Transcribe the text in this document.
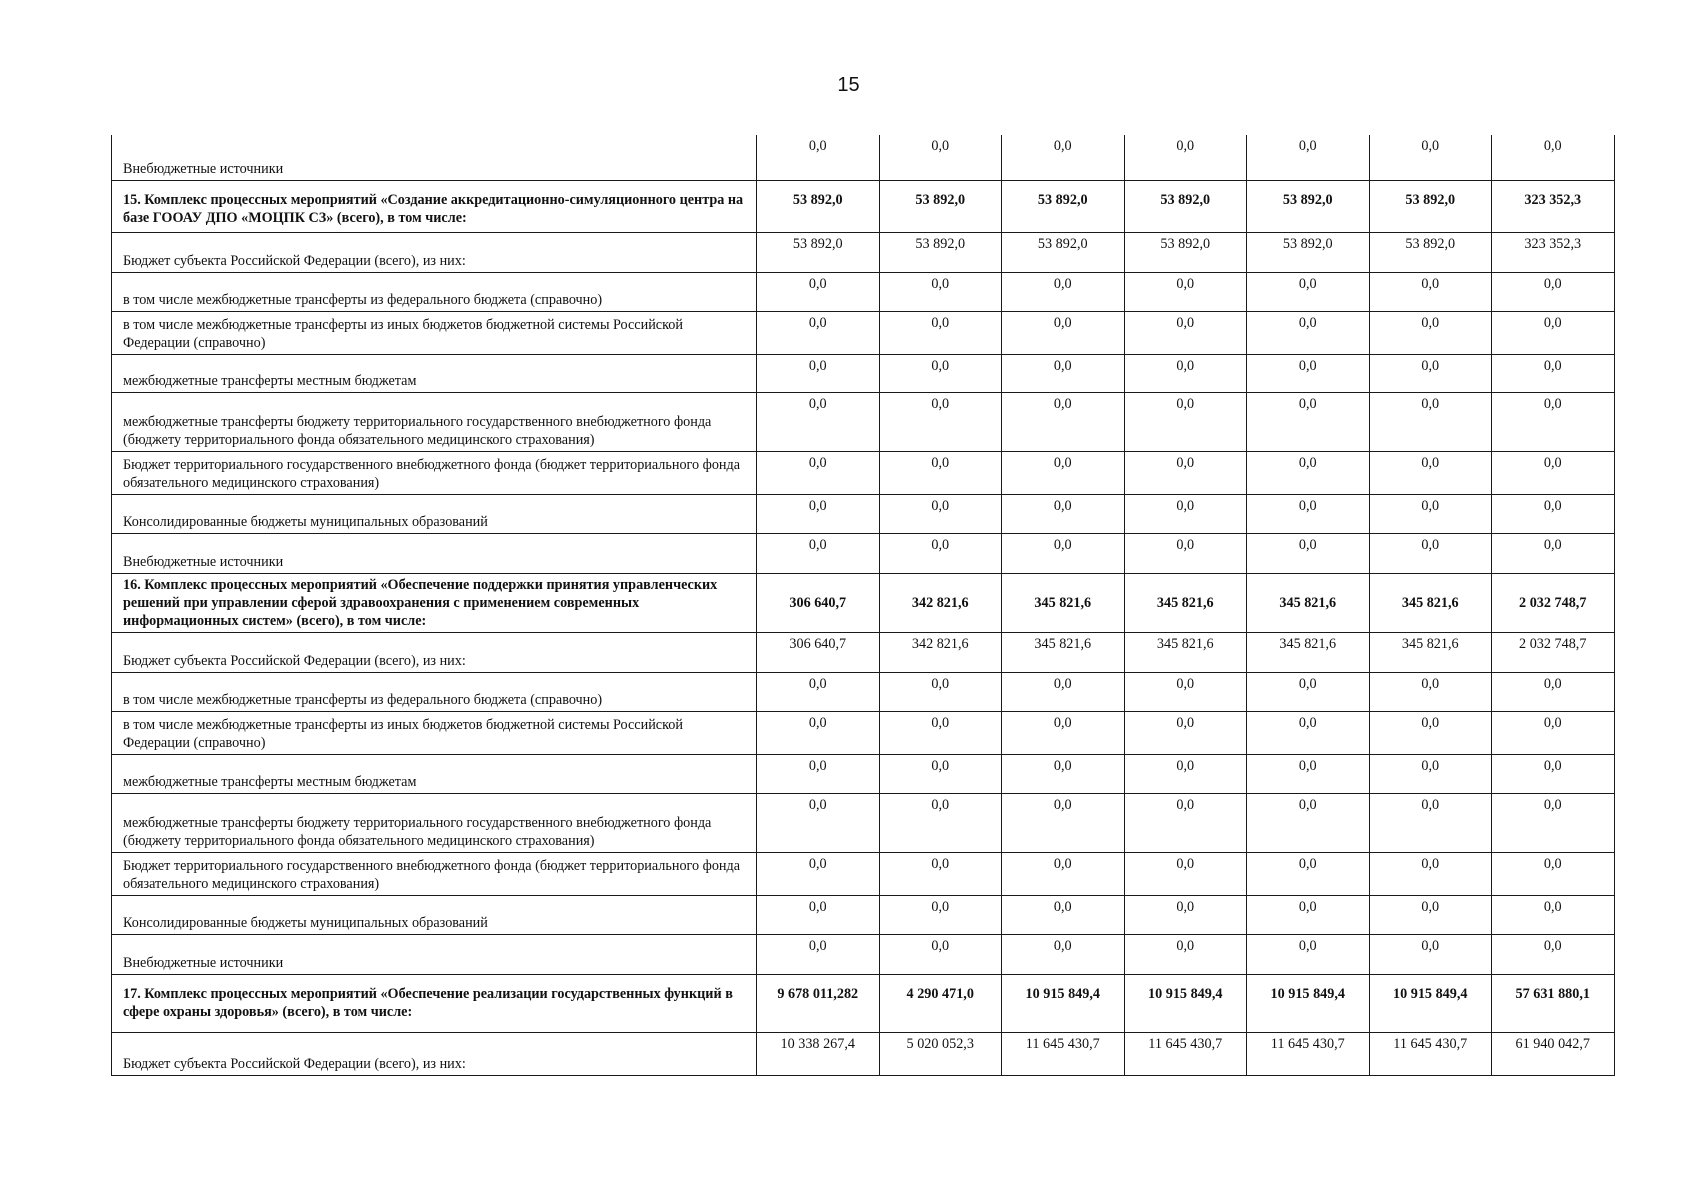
15
Внебюджетные источники	0,0	0,0	0,0	0,0	0,0	0,0	0,0
15. Комплекс процессных мероприятий «Создание аккредитационно-симуляционного центра на базе ГООАУ ДПО «МОЦПК СЗ» (всего), в том числе:	53 892,0	53 892,0	53 892,0	53 892,0	53 892,0	53 892,0	323 352,3
Бюджет субъекта Российской Федерации (всего), из них:	53 892,0	53 892,0	53 892,0	53 892,0	53 892,0	53 892,0	323 352,3
в том числе межбюджетные трансферты из федерального бюджета (справочно)	0,0	0,0	0,0	0,0	0,0	0,0	0,0
в том числе межбюджетные трансферты из иных бюджетов бюджетной системы Российской Федерации (справочно)	0,0	0,0	0,0	0,0	0,0	0,0	0,0
межбюджетные трансферты местным бюджетам	0,0	0,0	0,0	0,0	0,0	0,0	0,0
межбюджетные трансферты бюджету территориального государственного внебюджетного фонда (бюджету территориального фонда обязательного медицинского страхования)	0,0	0,0	0,0	0,0	0,0	0,0	0,0
Бюджет территориального государственного внебюджетного фонда (бюджет территориального фонда обязательного медицинского страхования)	0,0	0,0	0,0	0,0	0,0	0,0	0,0
Консолидированные бюджеты муниципальных образований	0,0	0,0	0,0	0,0	0,0	0,0	0,0
Внебюджетные источники	0,0	0,0	0,0	0,0	0,0	0,0	0,0
16. Комплекс процессных мероприятий «Обеспечение поддержки принятия управленческих решений при управлении сферой здравоохранения с применением современных информационных систем» (всего), в том числе:	306 640,7	342 821,6	345 821,6	345 821,6	345 821,6	345 821,6	2 032 748,7
Бюджет субъекта Российской Федерации (всего), из них:	306 640,7	342 821,6	345 821,6	345 821,6	345 821,6	345 821,6	2 032 748,7
в том числе межбюджетные трансферты из федерального бюджета (справочно)	0,0	0,0	0,0	0,0	0,0	0,0	0,0
в том числе межбюджетные трансферты из иных бюджетов бюджетной системы Российской Федерации (справочно)	0,0	0,0	0,0	0,0	0,0	0,0	0,0
межбюджетные трансферты местным бюджетам	0,0	0,0	0,0	0,0	0,0	0,0	0,0
межбюджетные трансферты бюджету территориального государственного внебюджетного фонда (бюджету территориального фонда обязательного медицинского страхования)	0,0	0,0	0,0	0,0	0,0	0,0	0,0
Бюджет территориального государственного внебюджетного фонда (бюджет территориального фонда обязательного медицинского страхования)	0,0	0,0	0,0	0,0	0,0	0,0	0,0
Консолидированные бюджеты муниципальных образований	0,0	0,0	0,0	0,0	0,0	0,0	0,0
Внебюджетные источники	0,0	0,0	0,0	0,0	0,0	0,0	0,0
17. Комплекс процессных мероприятий «Обеспечение реализации государственных функций в сфере охраны здоровья» (всего), в том числе:	9 678 011,282	4 290 471,0	10 915 849,4	10 915 849,4	10 915 849,4	10 915 849,4	57 631 880,1
Бюджет субъекта Российской Федерации (всего), из них:	10 338 267,4	5 020 052,3	11 645 430,7	11 645 430,7	11 645 430,7	11 645 430,7	61 940 042,7
